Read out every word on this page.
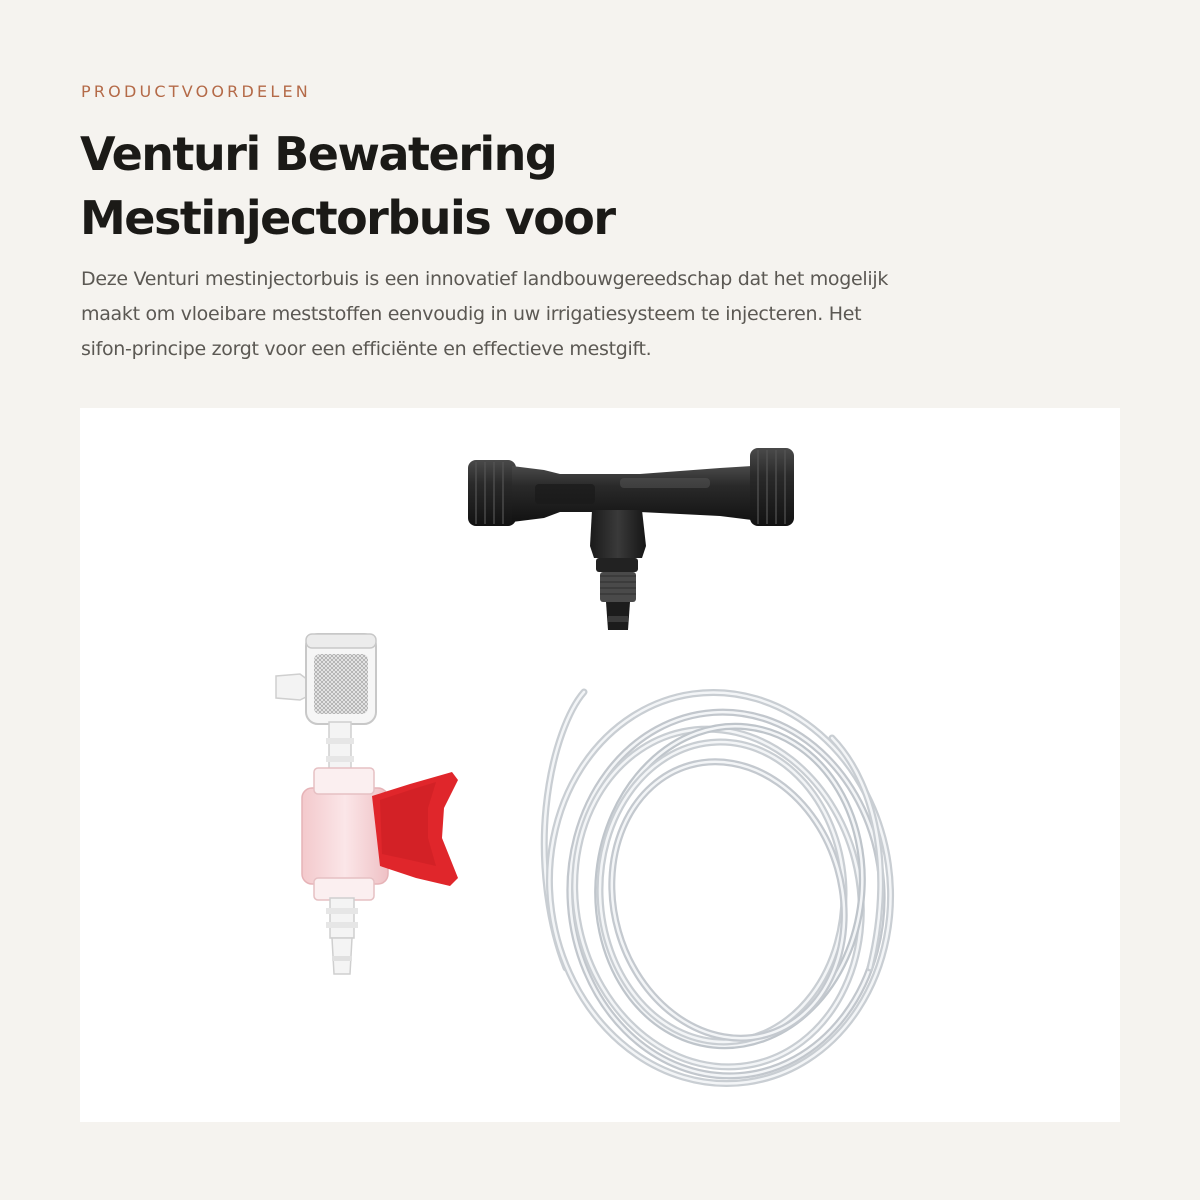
PRODUCTVOORDELEN
Venturi Bewatering
Mestinjectorbuis voor

Deze Venturi mestinjectorbuis is een innovatief landbouwgereedschap dat het mogelijk
maakt om vloeibare meststoffen eenvoudig in uw irrigatiesysteem te injecteren. Het
sifon-principe zorgt voor een efficiënte en effectieve mestgift.
